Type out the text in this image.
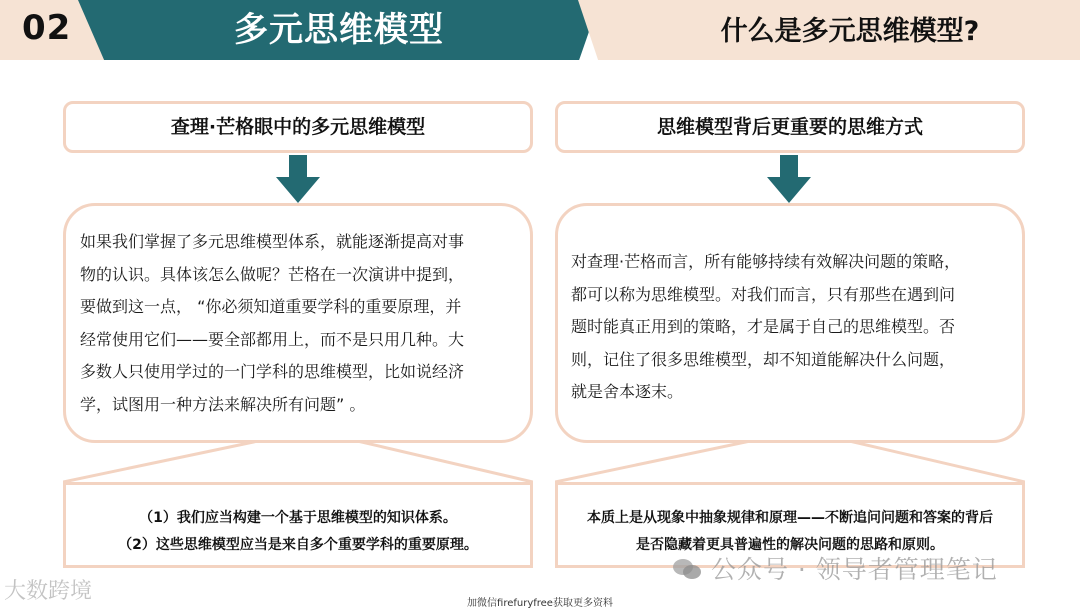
02	多元思维模型	什么是多元思维模型?
查理·芒格眼中的多元思维模型
如果我们掌握了多元思维模型体系，就能逐渐提高对事
物的认识。具体该怎么做呢？芒格在一次演讲中提到，
要做到这一点， “你必须知道重要学科的重要原理，并
经常使用它们——要全部都用上，而不是只用几种。大
多数人只使用学过的一门学科的思维模型，比如说经济
学，试图用一种方法来解决所有问题” 。
（1）我们应当构建一个基于思维模型的知识体系。
（2）这些思维模型应当是来自多个重要学科的重要原理。
思维模型背后更重要的思维方式
对查理·芒格而言，所有能够持续有效解决问题的策略，
都可以称为思维模型。对我们而言，只有那些在遇到问
题时能真正用到的策略，才是属于自己的思维模型。否
则，记住了很多思维模型，却不知道能解决什么问题，
就是舍本逐末。
本质上是从现象中抽象规律和原理——不断追问问题和答案的背后
是否隐藏着更具普遍性的解决问题的思路和原则。
公众号 · 领导者管理笔记
大数跨境	加微信firefuryfree获取更多资料
